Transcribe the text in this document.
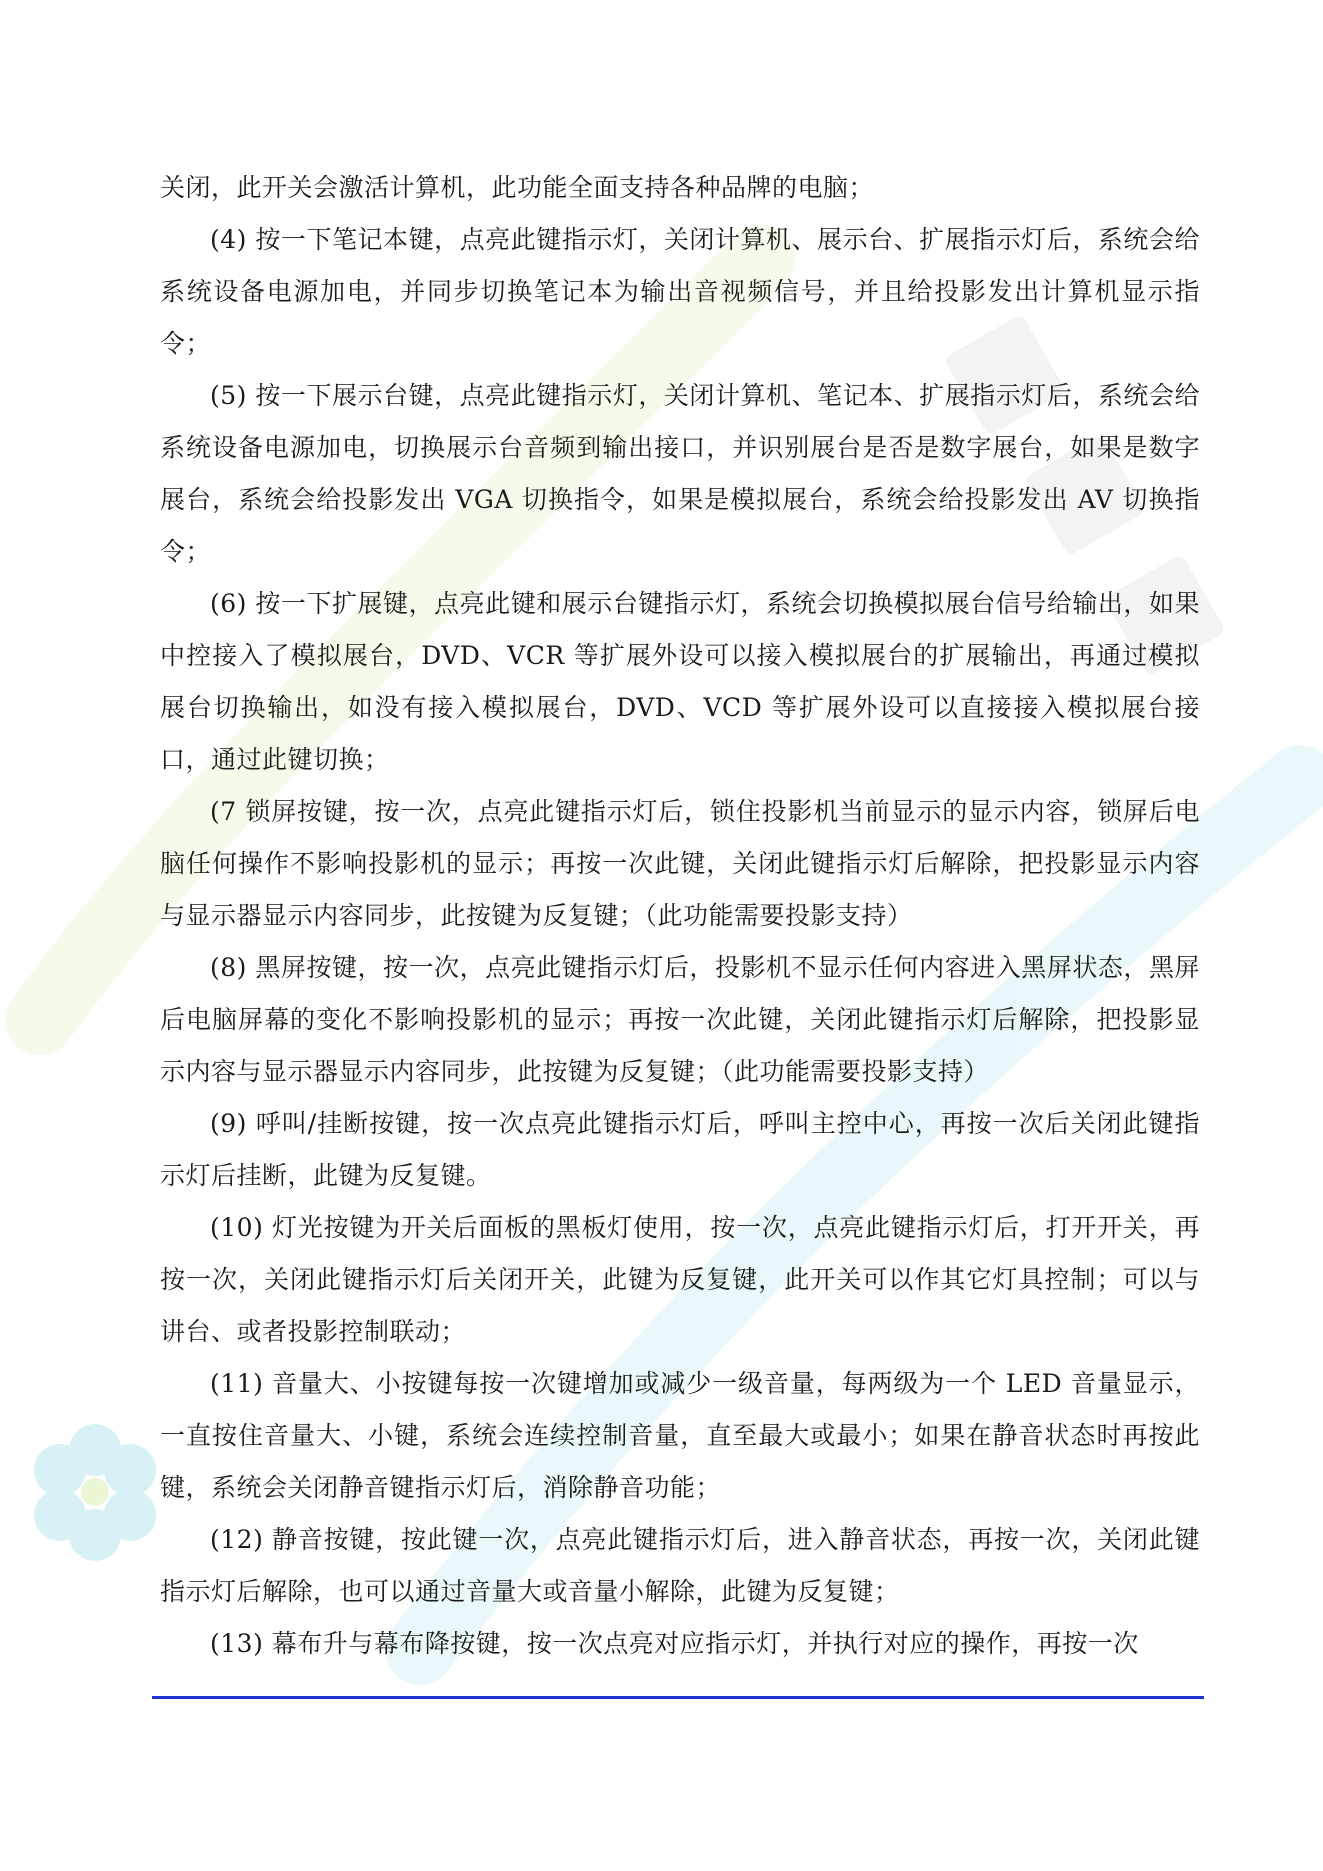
关闭，此开关会激活计算机，此功能全面支持各种品牌的电脑；

(4) 按一下笔记本键，点亮此键指示灯，关闭计算机、展示台、扩展指示灯后，系统会给系统设备电源加电，并同步切换笔记本为输出音视频信号，并且给投影发出计算机显示指令；

(5) 按一下展示台键，点亮此键指示灯，关闭计算机、笔记本、扩展指示灯后，系统会给系统设备电源加电，切换展示台音频到输出接口，并识别展台是否是数字展台，如果是数字展台，系统会给投影发出 VGA 切换指令，如果是模拟展台，系统会给投影发出 AV 切换指令；

(6) 按一下扩展键，点亮此键和展示台键指示灯，系统会切换模拟展台信号给输出，如果中控接入了模拟展台，DVD、VCR 等扩展外设可以接入模拟展台的扩展输出，再通过模拟展台切换输出，如没有接入模拟展台，DVD、VCD 等扩展外设可以直接接入模拟展台接口，通过此键切换；

(7 锁屏按键，按一次，点亮此键指示灯后，锁住投影机当前显示的显示内容，锁屏后电脑任何操作不影响投影机的显示；再按一次此键，关闭此键指示灯后解除，把投影显示内容与显示器显示内容同步，此按键为反复键；（此功能需要投影支持）

(8) 黑屏按键，按一次，点亮此键指示灯后，投影机不显示任何内容进入黑屏状态，黑屏后电脑屏幕的变化不影响投影机的显示；再按一次此键，关闭此键指示灯后解除，把投影显示内容与显示器显示内容同步，此按键为反复键；（此功能需要投影支持）

(9) 呼叫/挂断按键，按一次点亮此键指示灯后，呼叫主控中心，再按一次后关闭此键指示灯后挂断，此键为反复键。

(10) 灯光按键为开关后面板的黑板灯使用，按一次，点亮此键指示灯后，打开开关，再按一次，关闭此键指示灯后关闭开关，此键为反复键，此开关可以作其它灯具控制；可以与讲台、或者投影控制联动；

(11) 音量大、小按键每按一次键增加或减少一级音量，每两级为一个 LED 音量显示，一直按住音量大、小键，系统会连续控制音量，直至最大或最小；如果在静音状态时再按此键，系统会关闭静音键指示灯后，消除静音功能；

(12) 静音按键，按此键一次，点亮此键指示灯后，进入静音状态，再按一次，关闭此键指示灯后解除，也可以通过音量大或音量小解除，此键为反复键；

(13) 幕布升与幕布降按键，按一次点亮对应指示灯，并执行对应的操作，再按一次
